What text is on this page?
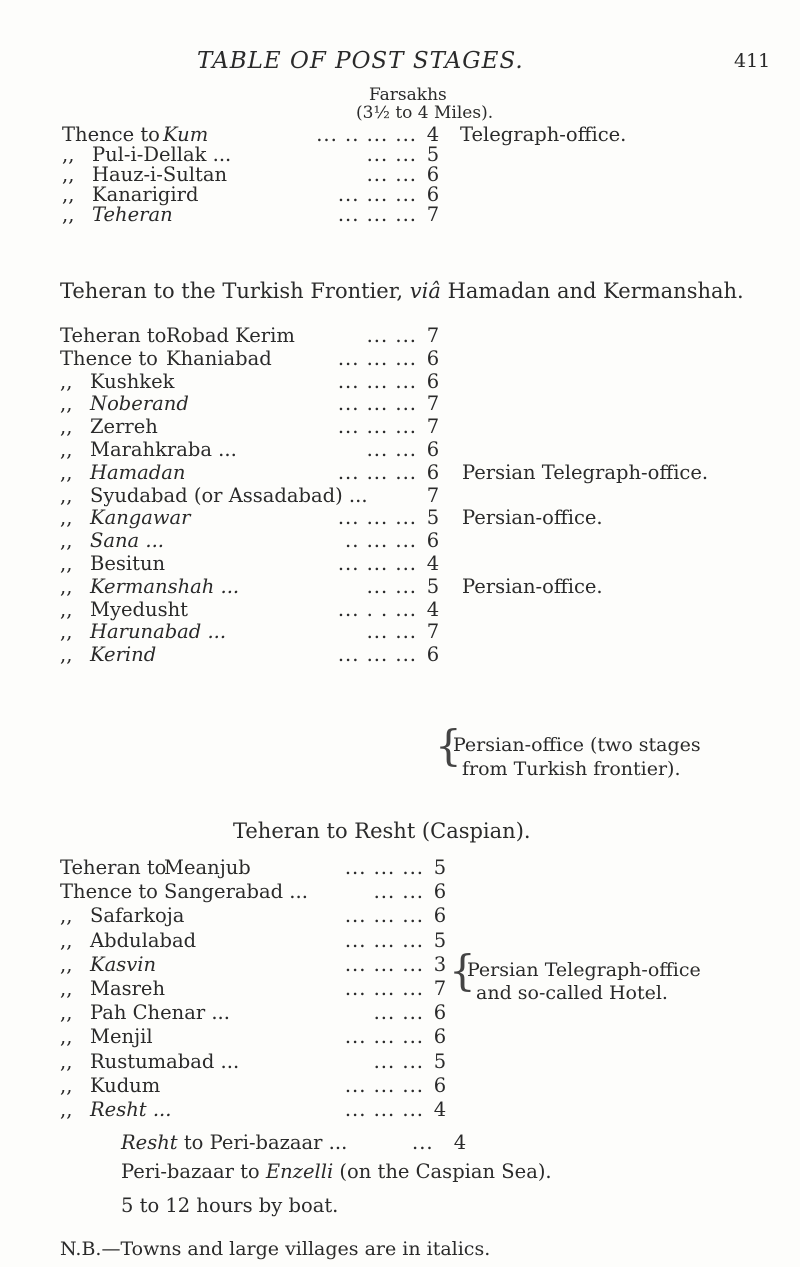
TABLE OF POST STAGES.	411
Farsakhs
(3½ to 4 Miles).
Thence to Kum	... .. ... ... 4 Telegraph-office.
,, Pul-i-Dellak ...	... ... 5
,, Hauz-i-Sultan	... ... 6
,, Kanarigird	... ... ... 6
,, Teheran	... ... ... 7
Teheran to the Turkish Frontier, viâ Hamadan and Kermanshah.
Teheran to Robad Kerim	... ... 7
Thence to Khaniabad	... ... ... 6
,, Kushkek	... ... ... 6
,, Noberand	... ... ... 7
,, Zerreh	... ... ... 7
,, Marahkraba ...	... ... 6
,, Hamadan	... ... ... 6 Persian Telegraph-office.
,, Syudabad (or Assadabad) ...	7
,, Kangawar	... ... ... 5 Persian-office.
,, Sana ...	.. ... ... 6
,, Besitun	... ... ... 4
,, Kermanshah ...	... ... 5 Persian-office.
,, Myedusht	... . . ... 4
,, Harunabad ...	... ... 7
,, Kerind	... ... ... 6
{
Persian-office (two stages
from Turkish frontier).
Teheran to Resht (Caspian).
Teheran to
Meanjub	... ... ... 5
Thence to Sangerabad ...	... ... 6
,, Safarkoja	... ... ... 6
,, Abdulabad	... ... ... 5
,, Kasvin	... ... ... 3
,, Masreh	... ... ... 7
,, Pah Chenar ...	... ... 6
,, Menjil	... ... ... 6
,, Rustumabad ...	... ... 5
,, Kudum	... ... ... 6
,, Resht ...	... ... ... 4
{
Persian Telegraph-office
and so-called Hotel.
Resht to Peri-bazaar ...	... 4
Peri-bazaar to Enzelli (on the Caspian Sea).
5 to 12 hours by boat.
N.B.—Towns and large villages are in italics.
